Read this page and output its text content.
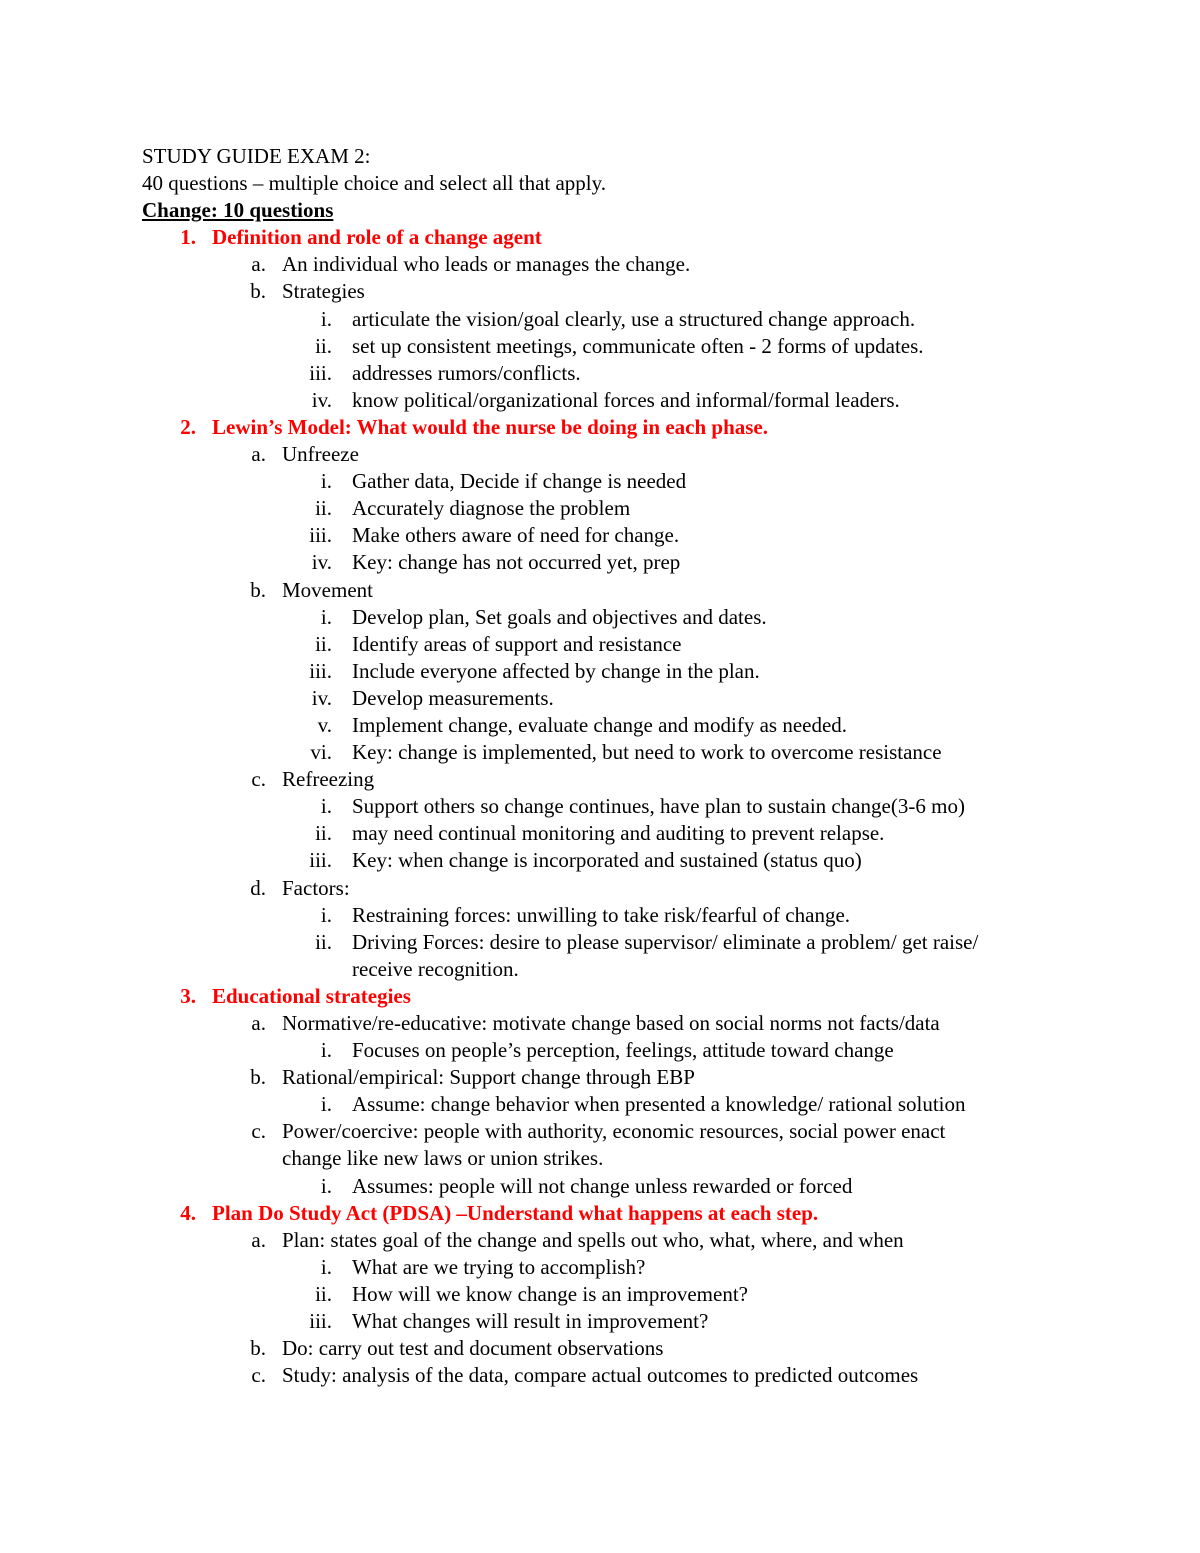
STUDY GUIDE EXAM 2:
40 questions – multiple choice and select all that apply.
Change: 10 questions
1. Definition and role of a change agent
a. An individual who leads or manages the change.
b. Strategies
i. articulate the vision/goal clearly, use a structured change approach.
ii. set up consistent meetings, communicate often - 2 forms of updates.
iii. addresses rumors/conflicts.
iv. know political/organizational forces and informal/formal leaders.
2. Lewin’s Model: What would the nurse be doing in each phase.
a. Unfreeze
i. Gather data, Decide if change is needed
ii. Accurately diagnose the problem
iii. Make others aware of need for change.
iv. Key: change has not occurred yet, prep
b. Movement
i. Develop plan, Set goals and objectives and dates.
ii. Identify areas of support and resistance
iii. Include everyone affected by change in the plan.
iv. Develop measurements.
v. Implement change, evaluate change and modify as needed.
vi. Key: change is implemented, but need to work to overcome resistance
c. Refreezing
i. Support others so change continues, have plan to sustain change(3-6 mo)
ii. may need continual monitoring and auditing to prevent relapse.
iii. Key: when change is incorporated and sustained (status quo)
d. Factors:
i. Restraining forces: unwilling to take risk/fearful of change.
ii. Driving Forces: desire to please supervisor/ eliminate a problem/ get raise/
receive recognition.
3. Educational strategies
a. Normative/re-educative: motivate change based on social norms not facts/data
i. Focuses on people’s perception, feelings, attitude toward change
b. Rational/empirical: Support change through EBP
i. Assume: change behavior when presented a knowledge/ rational solution
c. Power/coercive: people with authority, economic resources, social power enact
change like new laws or union strikes.
i. Assumes: people will not change unless rewarded or forced
4. Plan Do Study Act (PDSA) –Understand what happens at each step.
a. Plan: states goal of the change and spells out who, what, where, and when
i. What are we trying to accomplish?
ii. How will we know change is an improvement?
iii. What changes will result in improvement?
b. Do: carry out test and document observations
c. Study: analysis of the data, compare actual outcomes to predicted outcomes
